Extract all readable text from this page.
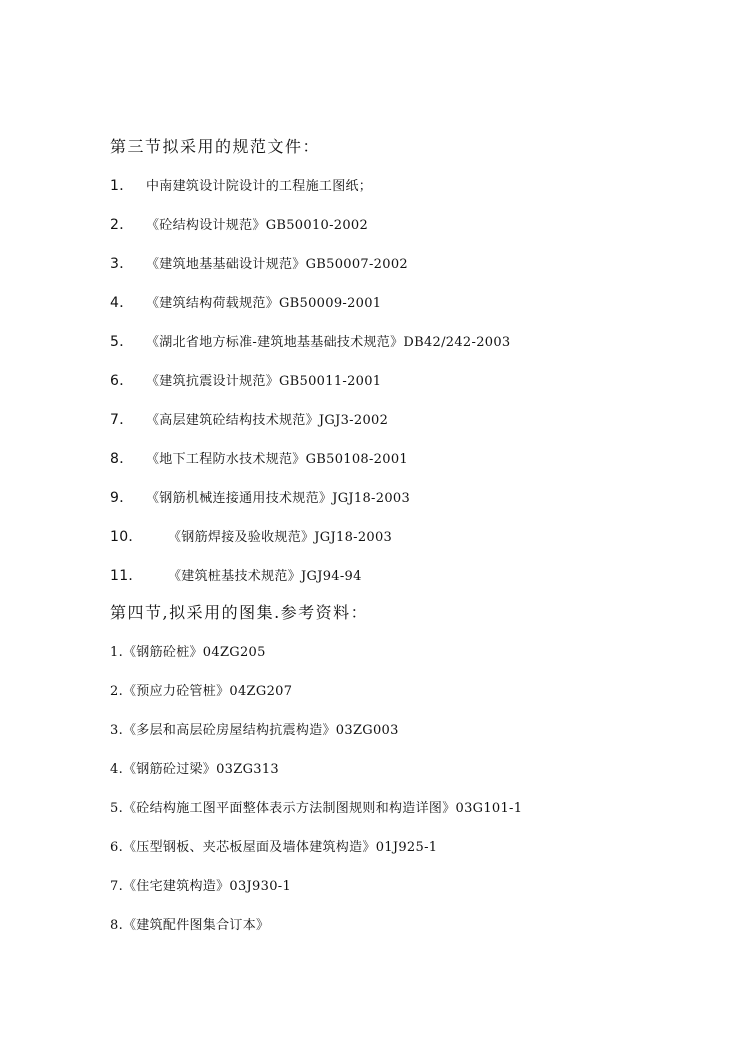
第三节拟采用的规范文件：
1． 中南建筑设计院设计的工程施工图纸；
2． 《砼结构设计规范》GB50010-2002
3． 《建筑地基基础设计规范》GB50007-2002
4． 《建筑结构荷载规范》GB50009-2001
5． 《湖北省地方标准-建筑地基基础技术规范》DB42/242-2003
6． 《建筑抗震设计规范》GB50011-2001
7． 《高层建筑砼结构技术规范》JGJ3-2002
8． 《地下工程防水技术规范》GB50108-2001
9． 《钢筋机械连接通用技术规范》JGJ18-2003
10． 《钢筋焊接及验收规范》JGJ18-2003
11． 《建筑桩基技术规范》JGJ94-94
第四节,拟采用的图集.参考资料：
1.《钢筋砼桩》04ZG205
2.《预应力砼管桩》04ZG207
3.《多层和高层砼房屋结构抗震构造》03ZG003
4.《钢筋砼过梁》03ZG313
5.《砼结构施工图平面整体表示方法制图规则和构造详图》03G101-1
6.《压型钢板、夹芯板屋面及墙体建筑构造》01J925-1
7.《住宅建筑构造》03J930-1
8.《建筑配件图集合订本》
